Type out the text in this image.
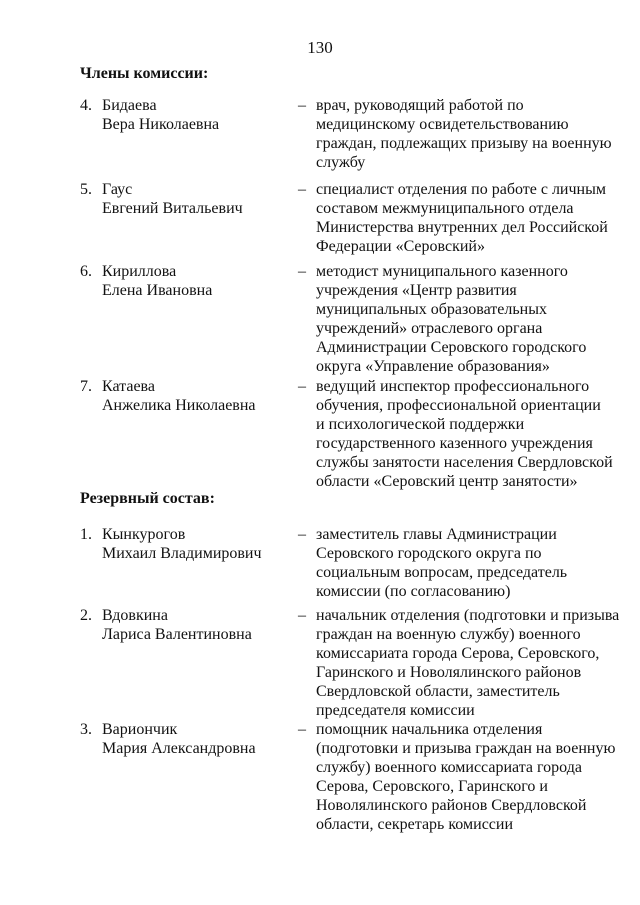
130
Члены комиссии:
4. Бидаева
Вера Николаевна
– врач, руководящий работой по
медицинскому освидетельствованию
граждан, подлежащих призыву на военную
службу
5. Гаус
Евгений Витальевич
– специалист отделения по работе с личным
составом межмуниципального отдела
Министерства внутренних дел Российской
Федерации «Серовский»
6. Кириллова
Елена Ивановна
– методист муниципального казенного
учреждения «Центр развития
муниципальных образовательных
учреждений» отраслевого органа
Администрации Серовского городского
округа «Управление образования»
7. Катаева
Анжелика Николаевна
– ведущий инспектор профессионального
обучения, профессиональной ориентации
и психологической поддержки
государственного казенного учреждения
службы занятости населения Свердловской
области «Серовский центр занятости»
Резервный состав:
1. Кынкурогов
Михаил Владимирович
– заместитель главы Администрации
Серовского городского округа по
социальным вопросам, председатель
комиссии (по согласованию)
2. Вдовкина
Лариса Валентиновна
– начальник отделения (подготовки и призыва
граждан на военную службу) военного
комиссариата города Серова, Серовского,
Гаринского и Новолялинского районов
Свердловской области, заместитель
председателя комиссии
3. Вариончик
Мария Александровна
– помощник начальника отделения
(подготовки и призыва граждан на военную
службу) военного комиссариата города
Серова, Серовского, Гаринского и
Новолялинского районов Свердловской
области, секретарь комиссии
